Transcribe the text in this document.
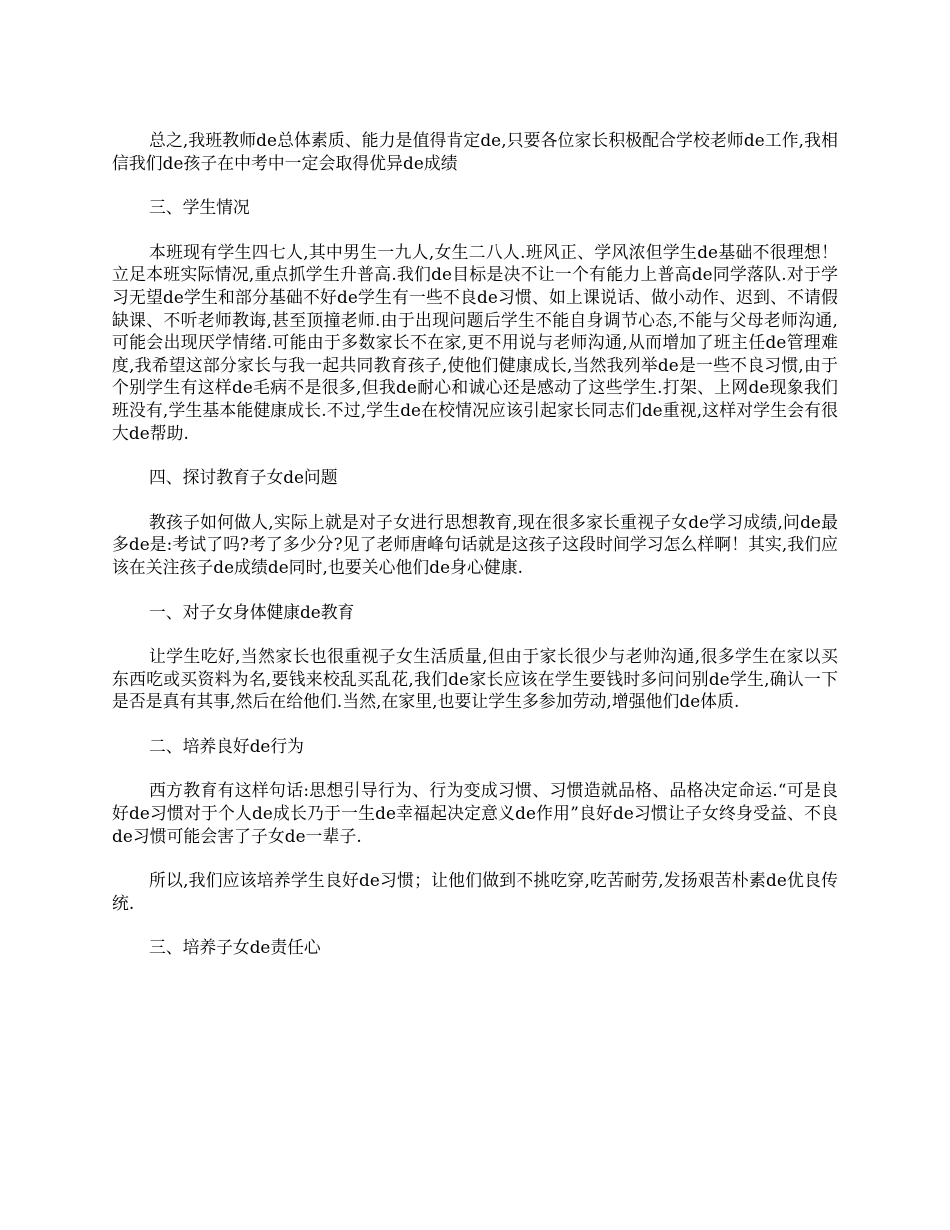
总之,我班教师de总体素质、能力是值得肯定de,只要各位家长积极配合学校老师de工作,我相信我们de孩子在中考中一定会取得优异de成绩

三、学生情况

本班现有学生四七人,其中男生一九人,女生二八人.班风正、学风浓但学生de基础不很理想！立足本班实际情况,重点抓学生升普高.我们de目标是决不让一个有能力上普高de同学落队.对于学习无望de学生和部分基础不好de学生有一些不良de习惯、如上课说话、做小动作、迟到、不请假缺课、不听老师教诲,甚至顶撞老师.由于出现问题后学生不能自身调节心态,不能与父母老师沟通,可能会出现厌学情绪.可能由于多数家长不在家,更不用说与老师沟通,从而增加了班主任de管理难度,我希望这部分家长与我一起共同教育孩子,使他们健康成长,当然我列举de是一些不良习惯,由于个别学生有这样de毛病不是很多,但我de耐心和诚心还是感动了这些学生.打架、上网de现象我们班没有,学生基本能健康成长.不过,学生de在校情况应该引起家长同志们de重视,这样对学生会有很大de帮助.

四、探讨教育子女de问题

教孩子如何做人,实际上就是对子女进行思想教育,现在很多家长重视子女de学习成绩,问de最多de是:考试了吗?考了多少分?见了老师唐峰句话就是这孩子这段时间学习怎么样啊！其实,我们应该在关注孩子de成绩de同时,也要关心他们de身心健康.

一、对子女身体健康de教育

让学生吃好,当然家长也很重视子女生活质量,但由于家长很少与老帅沟通,很多学生在家以买东西吃或买资料为名,要钱来校乱买乱花,我们de家长应该在学生要钱时多问问别de学生,确认一下是否是真有其事,然后在给他们.当然,在家里,也要让学生多参加劳动,增强他们de体质.

二、培养良好de行为

西方教育有这样句话:思想引导行为、行为变成习惯、习惯造就品格、品格决定命运.“可是良好de习惯对于个人de成长乃于一生de幸福起决定意义de作用”良好de习惯让子女终身受益、不良de习惯可能会害了子女de一辈子.

所以,我们应该培养学生良好de习惯；让他们做到不挑吃穿,吃苦耐劳,发扬艰苦朴素de优良传统.

三、培养子女de责任心
